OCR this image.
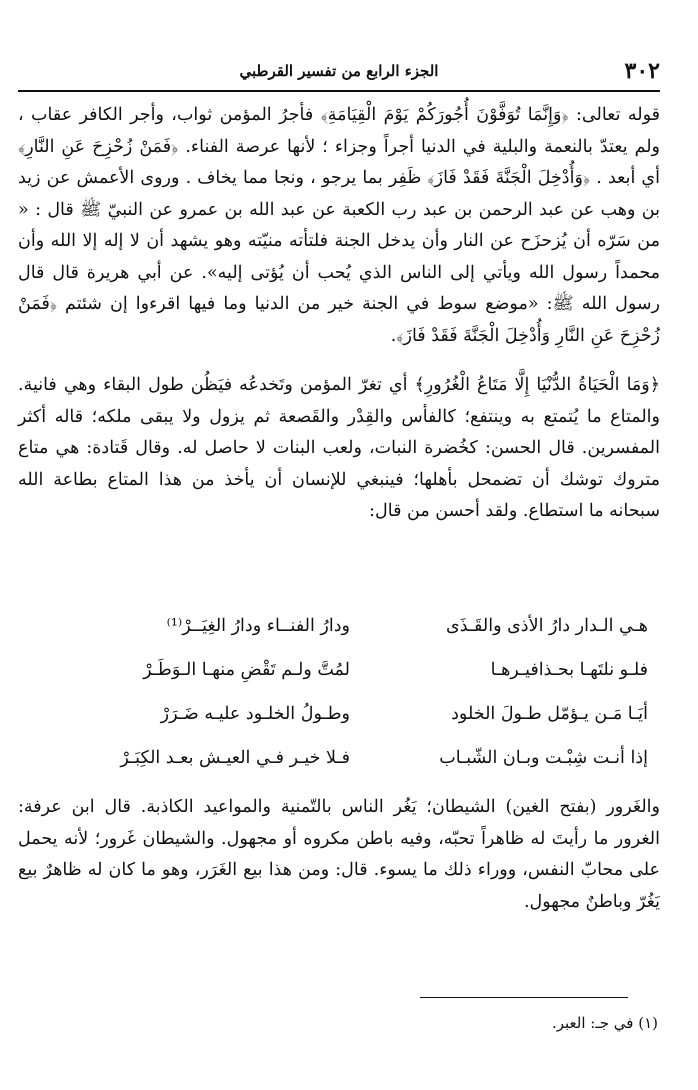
٣٠٢
الجزء الرابع من تفسير القرطبي

قوله تعالى: ﴿وَإِنَّمَا تُوَفَّوْنَ أُجُورَكُمْ يَوْمَ الْقِيَامَةِ﴾ فأجرُ المؤمن ثواب، وأجر الكافر عقاب ، ولم يعتدّ بالنعمة والبلية في الدنيا أجراً وجزاء ؛ لأنها عرصة الفناء. ﴿فَمَنْ زُحْزِحَ عَنِ النَّارِ﴾ أي أبعد . ﴿وَأُدْخِلَ الْجَنَّةَ فَقَدْ فَازَ﴾ ظَفِر بما يرجو ، ونجا مما يخاف . وروى الأعمش عن زيد بن وهب عن عبد الرحمن بن عبد رب الكعبة عن عبد الله بن عمرو عن النبيّ ﷺ قال : « من سَرّه أن يُزحزَح عن النار وأن يدخل الجنة فلتأته منيّته وهو يشهد أن لا إله إلا الله وأن محمداً رسول الله ويأتي إلى الناس الذي يُحب أن يُؤتى إليه». عن أبي هريرة قال قال رسول الله ﷺ: «موضع سوط في الجنة خير من الدنيا وما فيها اقرءوا إن شئتم ﴿فَمَنْ زُحْزِحَ عَنِ النَّارِ وَأُدْخِلَ الْجَنَّةَ فَقَدْ فَازَ﴾.

﴿وَمَا الْحَيَاةُ الدُّنْيَا إِلَّا مَتَاعُ الْغُرُورِ﴾ أي تغرّ المؤمن وتَخدعُه فيَظُن طول البقاء وهي فانية. والمتاع ما يُتمتع به وينتفع؛ كالفأس والقِدْر والقَصعة ثم يزول ولا يبقى ملكه؛ قاله أكثر المفسرين. قال الحسن: كخُضرة النبات، ولعب البنات لا حاصل له. وقال قَتادة: هي متاع متروك توشك أن تضمحل بأهلها؛ فينبغي للإنسان أن يأخذ من هذا المتاع بطاعة الله سبحانه ما استطاع. ولقد أحسن من قال:

هـي الـدار دارُ الأذى والقَـذَى
ودارُ الفنــاء ودارُ الغِيَــرْ⁽¹⁾
فلـو نلتَهـا بحـذافيـرهـا
لمُتَّ ولـم تَقْضِ منهـا الـوَطَـرْ
أيَـا مَـن يـؤمّل طـولَ الخلود
وطـولُ الخلـود عليـه ضَـرَرْ
إذا أنـت شِبْـت وبـان الشّبـاب
فـلا خيـر فـي العيـش بعـد الكِبَـرْ

والغَرور (بفتح الغين) الشيطان؛ يَغُر الناس بالتّمنية والمواعيد الكاذبة. قال ابن عرفة: الغرور ما رأيتَ له ظاهراً تحبّه، وفيه باطن مكروه أو مجهول. والشيطان غَرور؛ لأنه يحمل على محابّ النفس، ووراء ذلك ما يسوء. قال: ومن هذا بيع الغَرَر، وهو ما كان له ظاهرٌ بيع يَغُرّ وباطنٌ مجهول.

(١) في جـ: العبر.
